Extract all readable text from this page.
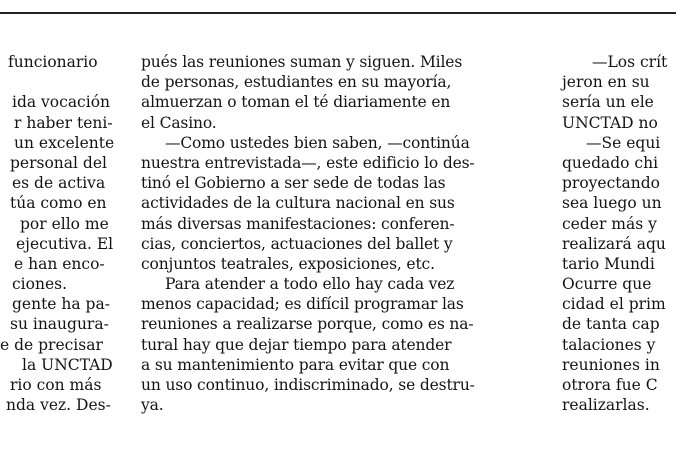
funcionario
ida vocación
r haber teni-
un excelente
personal del
es de activa
túa como en
por ello me
ejecutiva. El
e han enco-
ciones.
gente ha pa-
su inaugura-
e de precisar
la UNCTAD
rio con más
nda vez. Des-
pués las reuniones suman y siguen. Miles
de personas, estudiantes en su mayoría,
almuerzan o toman el té diariamente en
el Casino.
—Como ustedes bien saben, —continúa
nuestra entrevistada—, este edificio lo des-
tinó el Gobierno a ser sede de todas las
actividades de la cultura nacional en sus
más diversas manifestaciones: conferen-
cias, conciertos, actuaciones del ballet y
conjuntos teatrales, exposiciones, etc.
Para atender a todo ello hay cada vez
menos capacidad; es difícil programar las
reuniones a realizarse porque, como es na-
tural hay que dejar tiempo para atender
a su mantenimiento para evitar que con
un uso continuo, indiscriminado, se destru-
ya.
—Los crít
jeron en su
sería un ele
UNCTAD no
—Se equi
quedado chi
proyectando
sea luego un
ceder más y
realizará aqu
tario Mundi
Ocurre que
cidad el prim
de tanta cap
talaciones y
reuniones in
otrora fue C
realizarlas.
